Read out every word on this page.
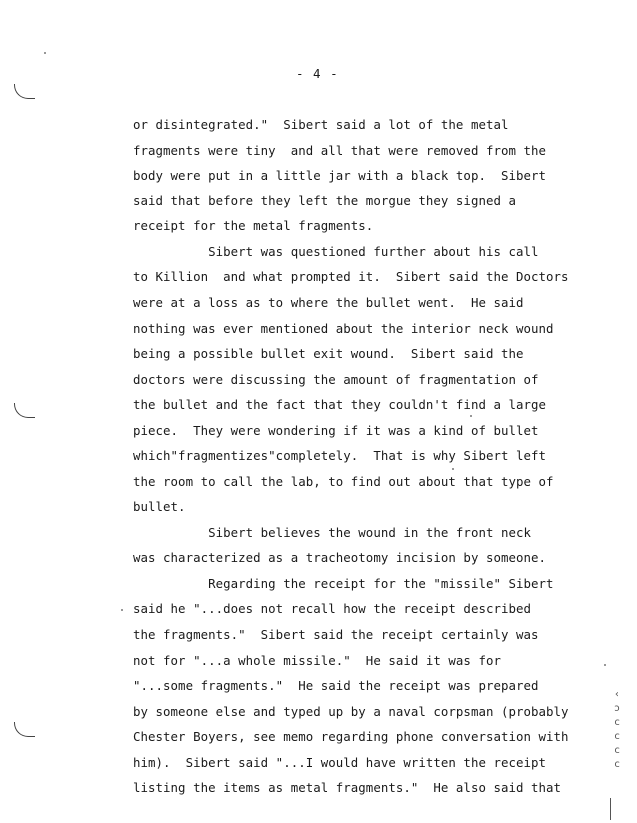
- 4 -
or disintegrated."  Sibert said a lot of the metal
fragments were tiny  and all that were removed from the
body were put in a little jar with a black top.  Sibert
said that before they left the morgue they signed a
receipt for the metal fragments.
Sibert was questioned further about his call
to Killion  and what prompted it.  Sibert said the Doctors
were at a loss as to where the bullet went.  He said
nothing was ever mentioned about the interior neck wound
being a possible bullet exit wound.  Sibert said the
doctors were discussing the amount of fragmentation of
the bullet and the fact that they couldn't find a large
piece.  They were wondering if it was a kind of bullet
which"fragmentizes"completely.  That is why Sibert left
the room to call the lab, to find out about that type of
bullet.
Sibert believes the wound in the front neck
was characterized as a tracheotomy incision by someone.
Regarding the receipt for the "missile" Sibert
said he "...does not recall how the receipt described
the fragments."  Sibert said the receipt certainly was
not for "...a whole missile."  He said it was for
"...some fragments."  He said the receipt was prepared
by someone else and typed up by a naval corpsman (probably
Chester Boyers, see memo regarding phone conversation with
him).  Sibert said "...I would have written the receipt
listing the items as metal fragments."  He also said that
‹
ɔ
c
c
c
c
